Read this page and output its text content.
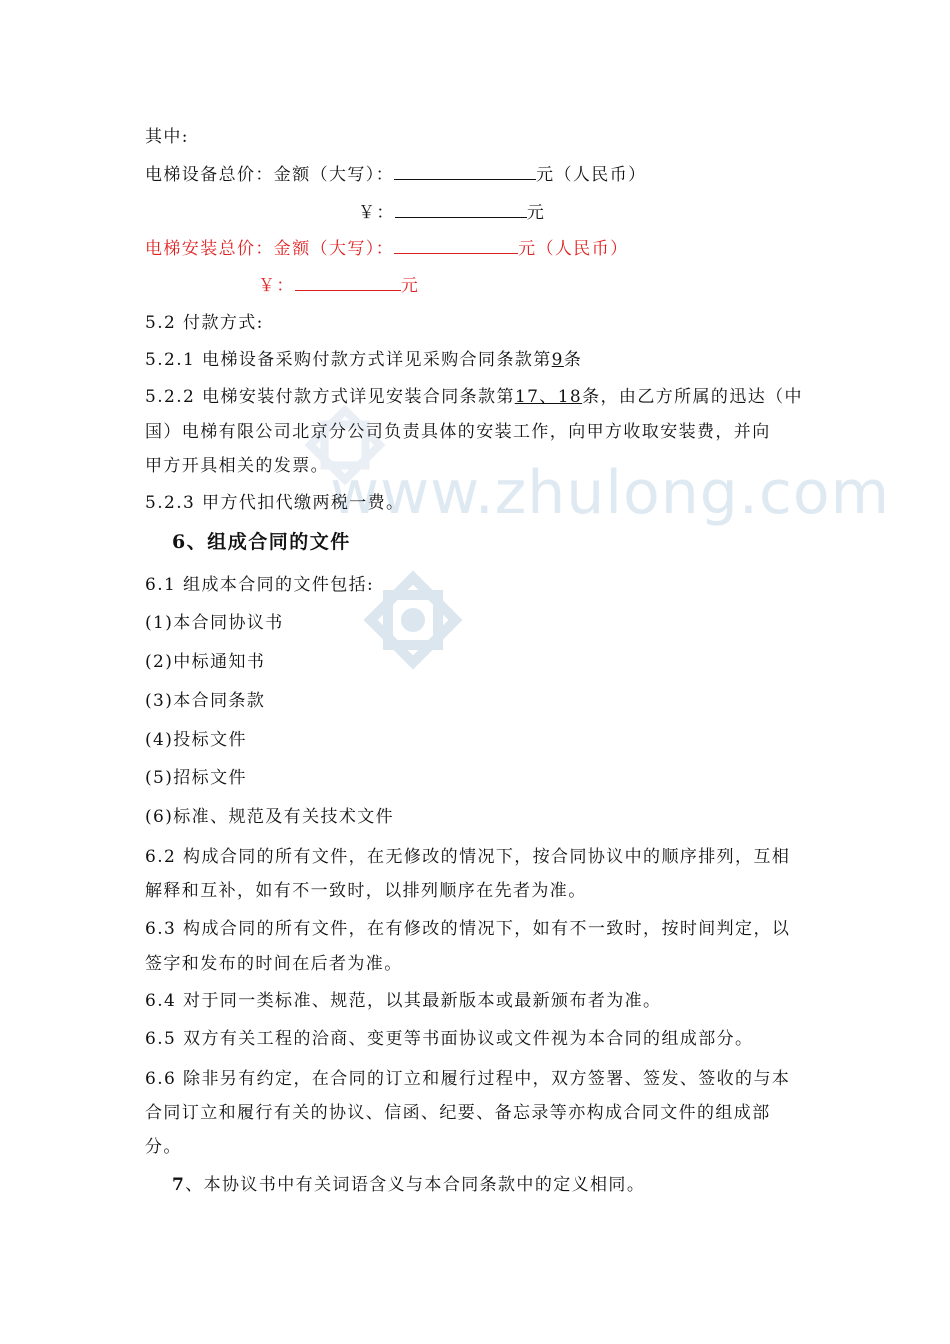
www.zhulong.com
其中:
电梯设备总价：金额（大写）：	元（人民币）
￥：	元
电梯安装总价：金额（大写）：	元（人民币）
￥：	元
5.2 付款方式:
5.2.1 电梯设备采购付款方式详见采购合同条款第9条
5.2.2 电梯安装付款方式详见安装合同条款第17、18条，由乙方所属的迅达（中
国）电梯有限公司北京分公司负责具体的安装工作，向甲方收取安装费，并向
甲方开具相关的发票。
5.2.3 甲方代扣代缴两税一费。
6、组成合同的文件
6.1 组成本合同的文件包括:
(1)本合同协议书
(2)中标通知书
(3)本合同条款
(4)投标文件
(5)招标文件
(6)标准、规范及有关技术文件
6.2 构成合同的所有文件，在无修改的情况下，按合同协议中的顺序排列，互相
解释和互补，如有不一致时，以排列顺序在先者为准。
6.3 构成合同的所有文件，在有修改的情况下，如有不一致时，按时间判定，以
签字和发布的时间在后者为准。
6.4 对于同一类标准、规范，以其最新版本或最新颁布者为准。
6.5 双方有关工程的洽商、变更等书面协议或文件视为本合同的组成部分。
6.6 除非另有约定，在合同的订立和履行过程中，双方签署、签发、签收的与本
合同订立和履行有关的协议、信函、纪要、备忘录等亦构成合同文件的组成部
分。
7、本协议书中有关词语含义与本合同条款中的定义相同。
